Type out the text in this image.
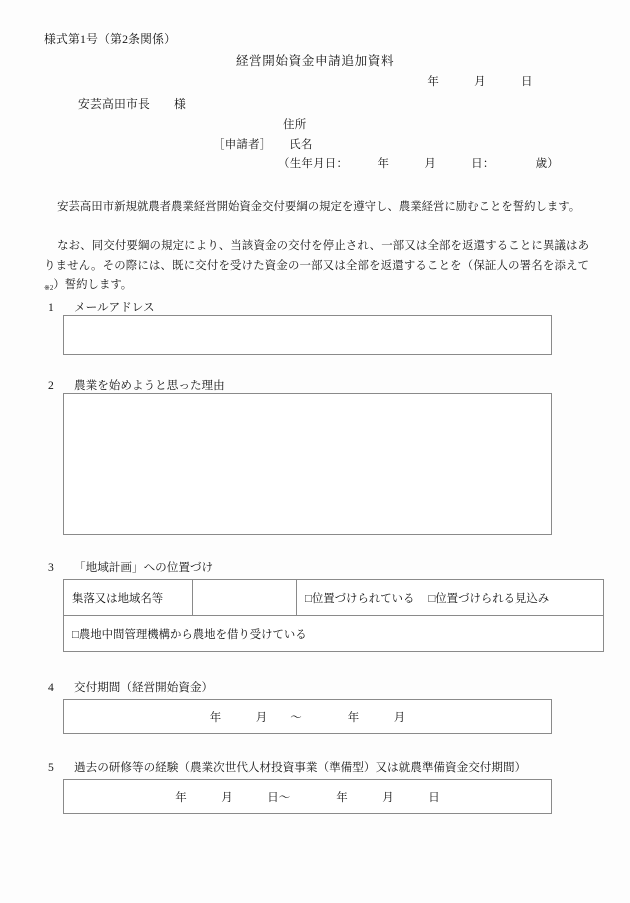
様式第1号（第2条関係）
経営開始資金申請追加資料
年　　　月　　　日
安芸高田市長　　様
住所
［申請者］　　氏名
（生年月日：　　　年　　　月　　　日：　　　　歳）
安芸高田市新規就農者農業経営開始資金交付要綱の規定を遵守し、農業経営に励むことを誓約します。
なお、同交付要綱の規定により、当該資金の交付を停止され、一部又は全部を返還することに異議はありません。その際には、既に交付を受けた資金の一部又は全部を返還することを（保証人の署名を添えて※2）誓約します。
1 メールアドレス
2 農業を始めようと思った理由
3 「地域計画」への位置づけ
集落又は地域名等		□位置づけられている □位置づけられる見込み
□農地中間管理機構から農地を借り受けている
4 交付期間（経営開始資金）
年　　　月　　〜　　　　年　　　月
5 過去の研修等の経験（農業次世代人材投資事業（準備型）又は就農準備資金交付期間）
年　　　月　　　日〜　　　　年　　　月　　　日
